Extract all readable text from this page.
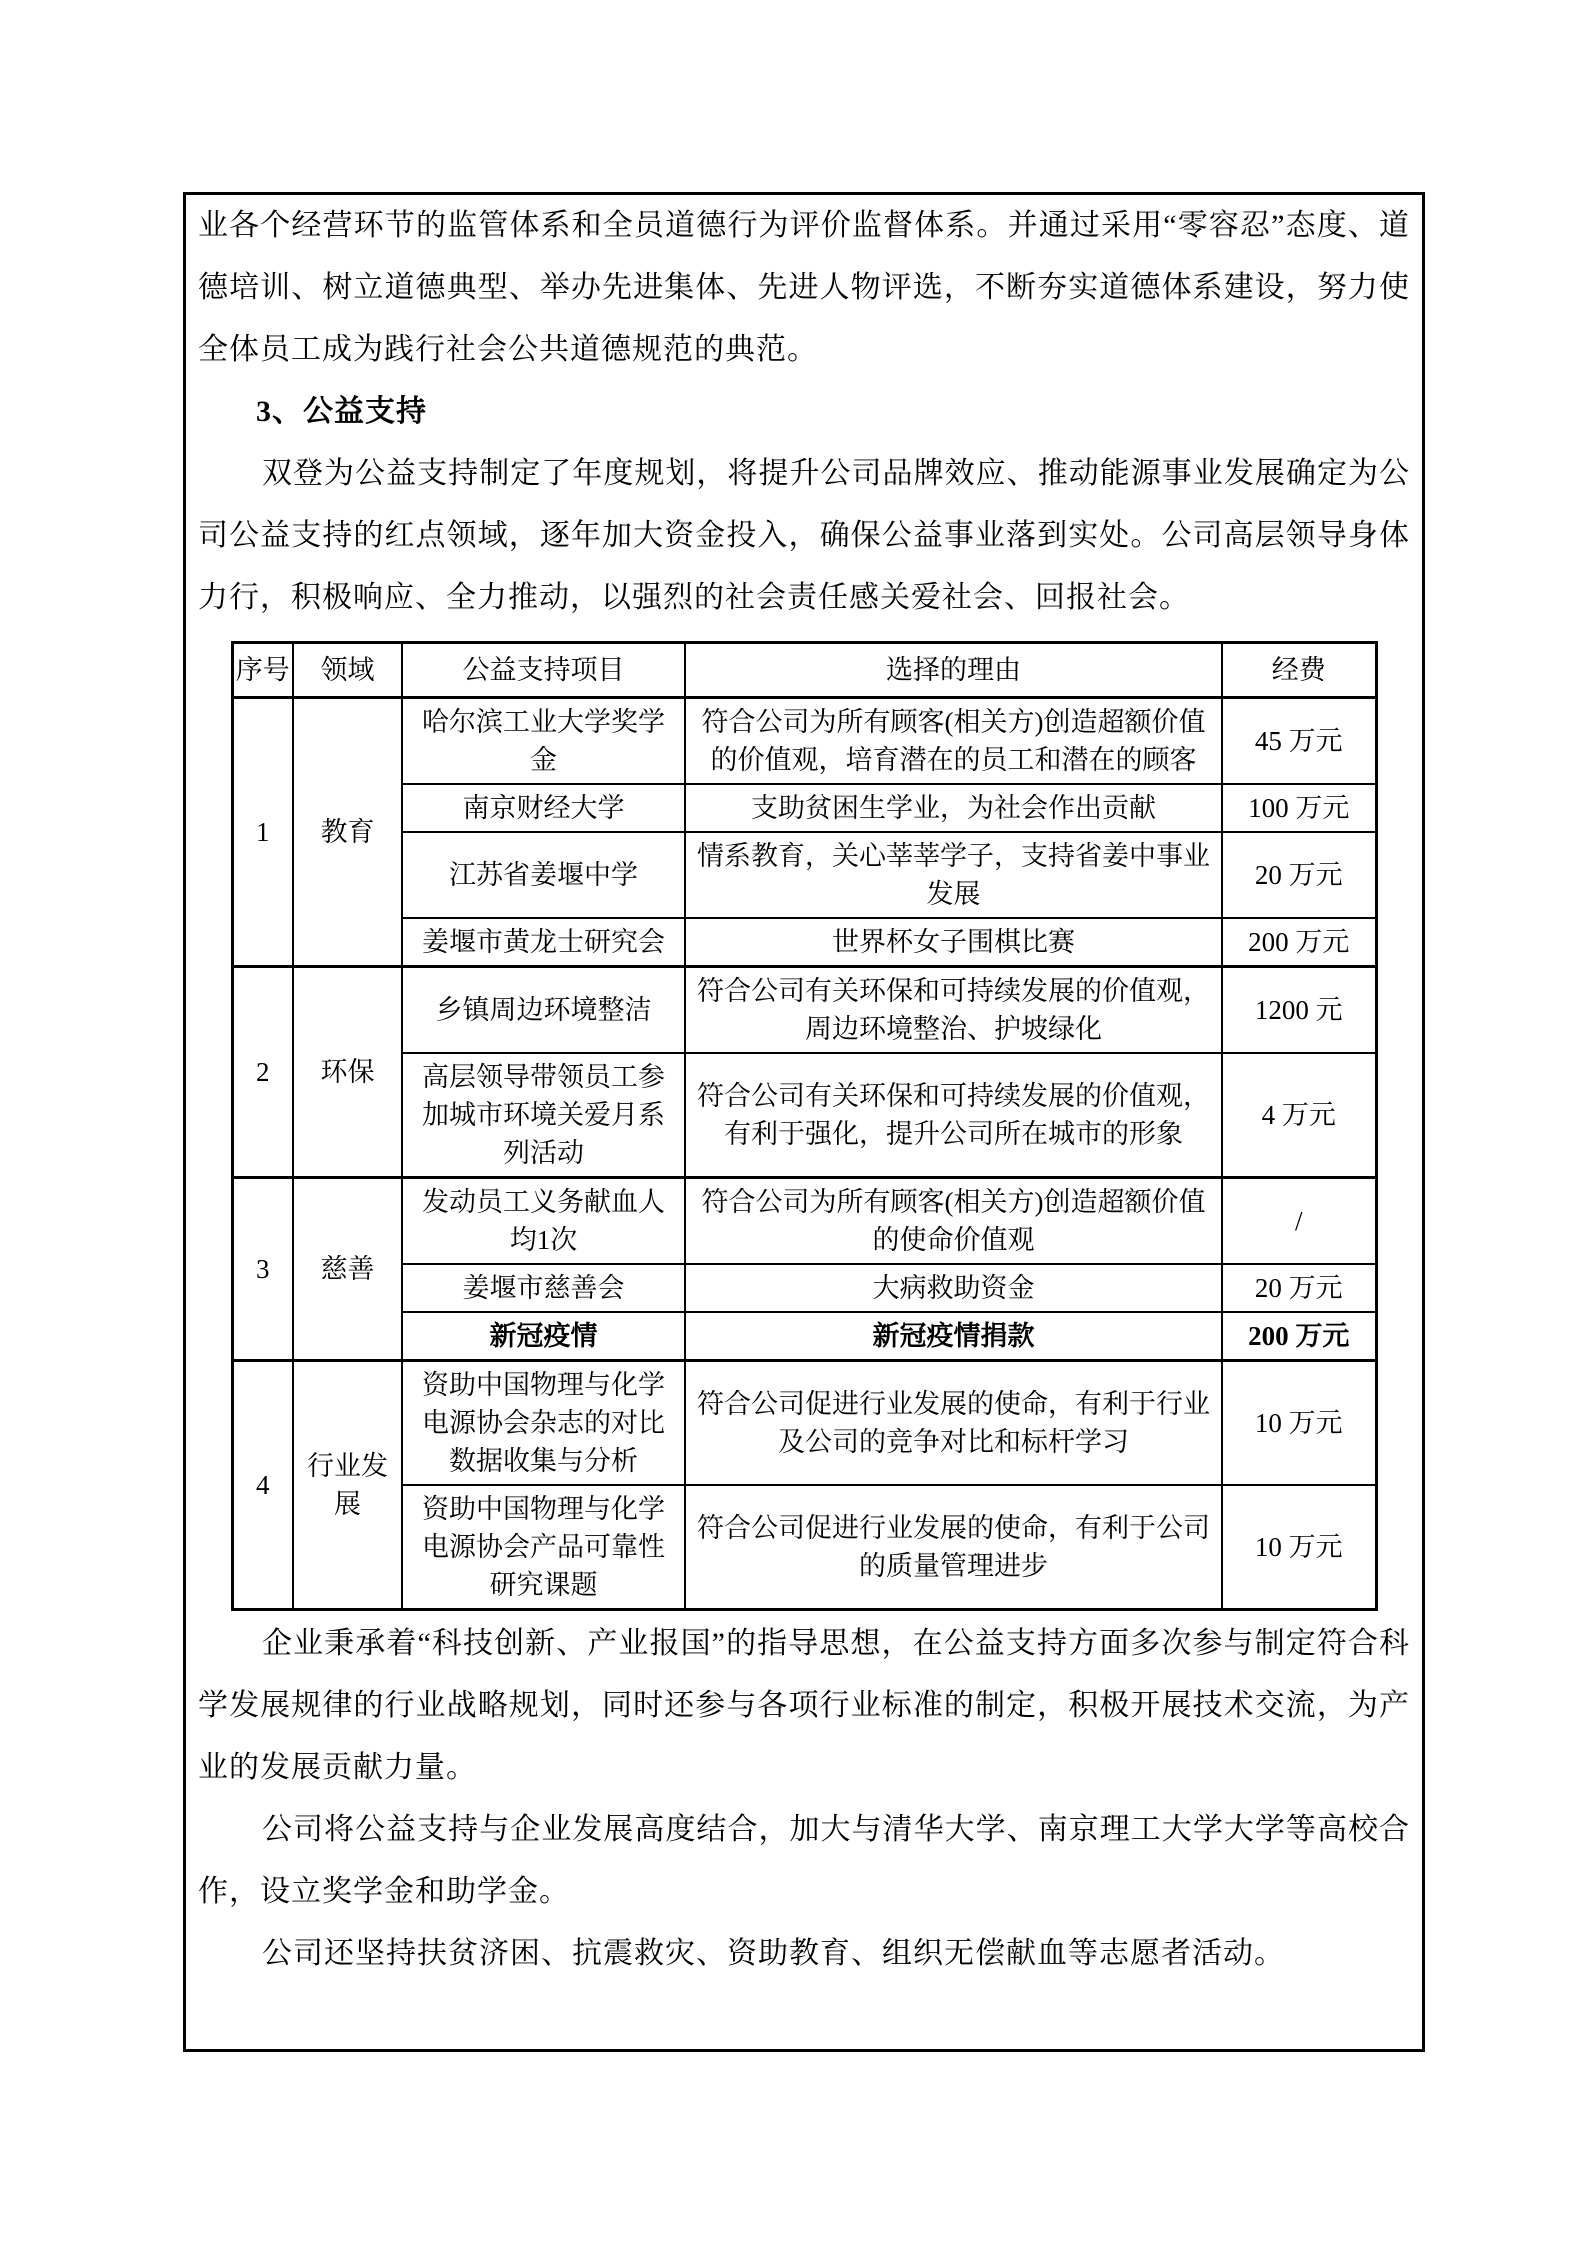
业各个经营环节的监管体系和全员道德行为评价监督体系。并通过采用“零容忍”态度、道德培训、树立道德典型、举办先进集体、先进人物评选，不断夯实道德体系建设，努力使全体员工成为践行社会公共道德规范的典范。

3、公益支持

双登为公益支持制定了年度规划，将提升公司品牌效应、推动能源事业发展确定为公司公益支持的红点领域，逐年加大资金投入，确保公益事业落到实处。公司高层领导身体力行，积极响应、全力推动，以强烈的社会责任感关爱社会、回报社会。

序号	领域	公益支持项目	选择的理由	经费
1	教育	哈尔滨工业大学奖学金	符合公司为所有顾客(相关方)创造超额价值的价值观，培育潜在的员工和潜在的顾客	45 万元
		南京财经大学	支助贫困生学业，为社会作出贡献	100 万元
		江苏省姜堰中学	情系教育，关心莘莘学子，支持省姜中事业发展	20 万元
		姜堰市黄龙士研究会	世界杯女子围棋比赛	200 万元
2	环保	乡镇周边环境整洁	符合公司有关环保和可持续发展的价值观，周边环境整治、护坡绿化	1200 元
		高层领导带领员工参加城市环境关爱月系列活动	符合公司有关环保和可持续发展的价值观，有利于强化，提升公司所在城市的形象	4 万元
3	慈善	发动员工义务献血人均1次	符合公司为所有顾客(相关方)创造超额价值的使命价值观	/
		姜堰市慈善会	大病救助资金	20 万元
		新冠疫情	新冠疫情捐款	200 万元
4	行业发展	资助中国物理与化学电源协会杂志的对比数据收集与分析	符合公司促进行业发展的使命，有利于行业及公司的竞争对比和标杆学习	10 万元
		资助中国物理与化学电源协会产品可靠性研究课题	符合公司促进行业发展的使命，有利于公司的质量管理进步	10 万元

企业秉承着“科技创新、产业报国”的指导思想，在公益支持方面多次参与制定符合科学发展规律的行业战略规划，同时还参与各项行业标准的制定，积极开展技术交流，为产业的发展贡献力量。

公司将公益支持与企业发展高度结合，加大与清华大学、南京理工大学大学等高校合作，设立奖学金和助学金。

公司还坚持扶贫济困、抗震救灾、资助教育、组织无偿献血等志愿者活动。
